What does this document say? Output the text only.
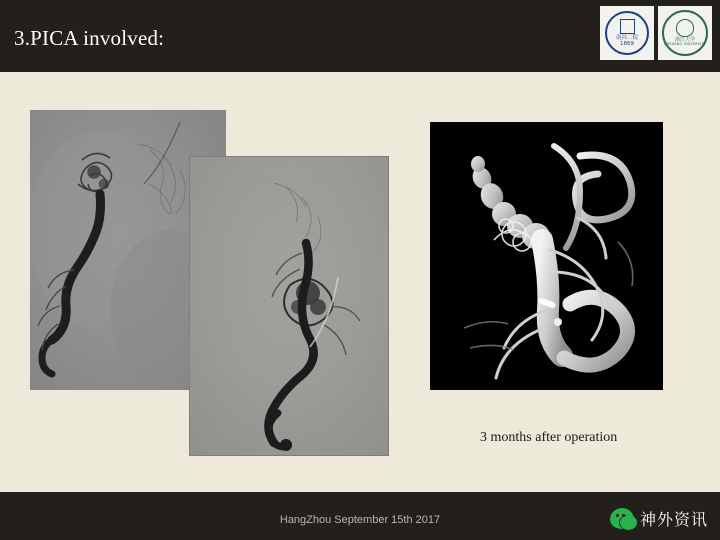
3.PICA involved:	南昌二院
1869
浙江大学
ZHEJIANG UNIVERSITY
3 months after operation
HangZhou September 15th 2017	神外资讯
